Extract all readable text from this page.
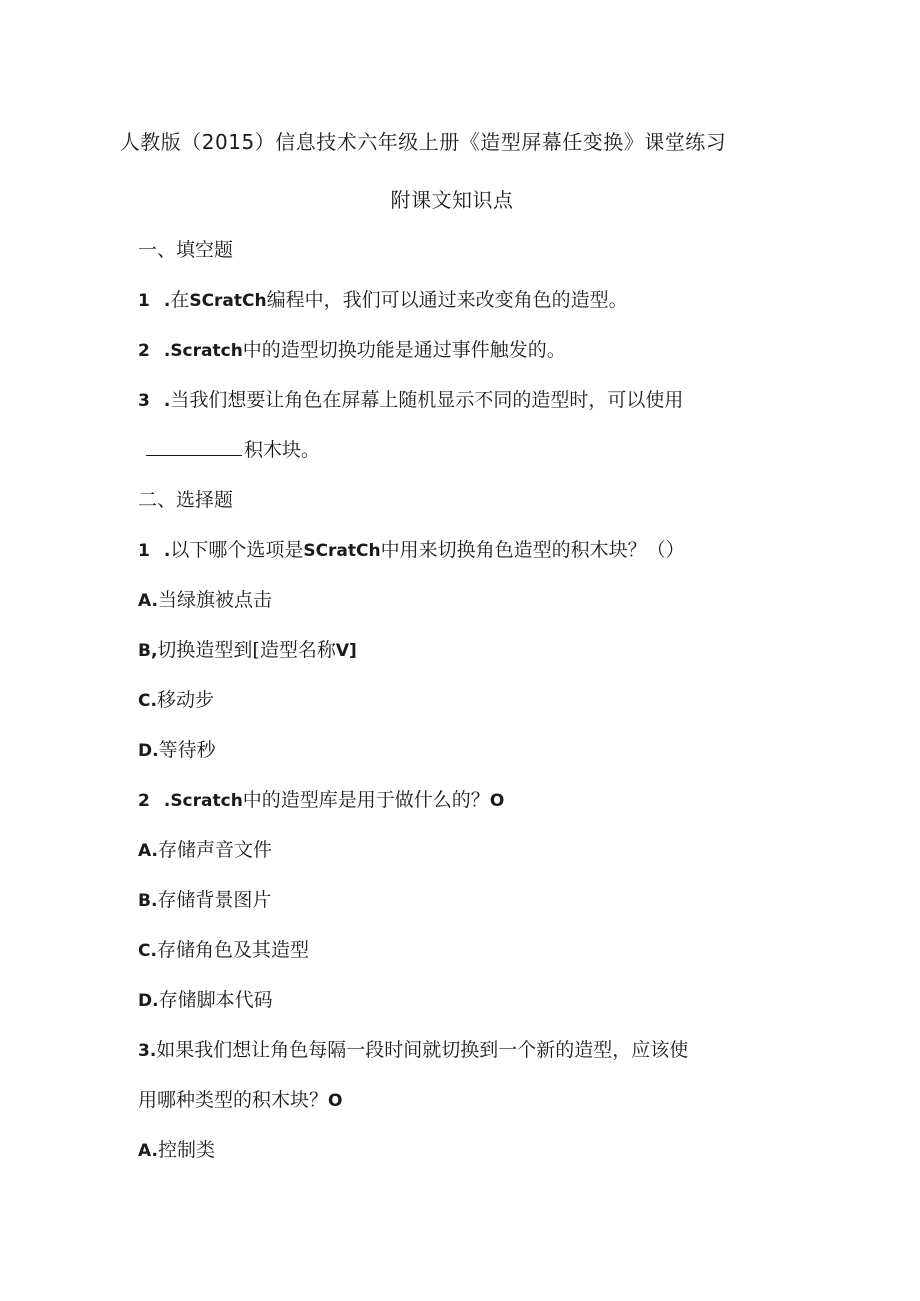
人教版（2015）信息技术六年级上册《造型屏幕任变换》课堂练习
附课文知识点
一、填空题
1 .在SCratCh编程中，我们可以通过来改变角色的造型。
2 .Scratch中的造型切换功能是通过事件触发的。
3 .当我们想要让角色在屏幕上随机显示不同的造型时，可以使用
积木块。
二、选择题
1 .以下哪个选项是SCratCh中用来切换角色造型的积木块？（）
A.当绿旗被点击
B,切换造型到[造型名称V]
C.移动步
D.等待秒
2 .Scratch中的造型库是用于做什么的？O
A.存储声音文件
B.存储背景图片
C.存储角色及其造型
D.存储脚本代码
3.如果我们想让角色每隔一段时间就切换到一个新的造型，应该使
用哪种类型的积木块？O
A.控制类
